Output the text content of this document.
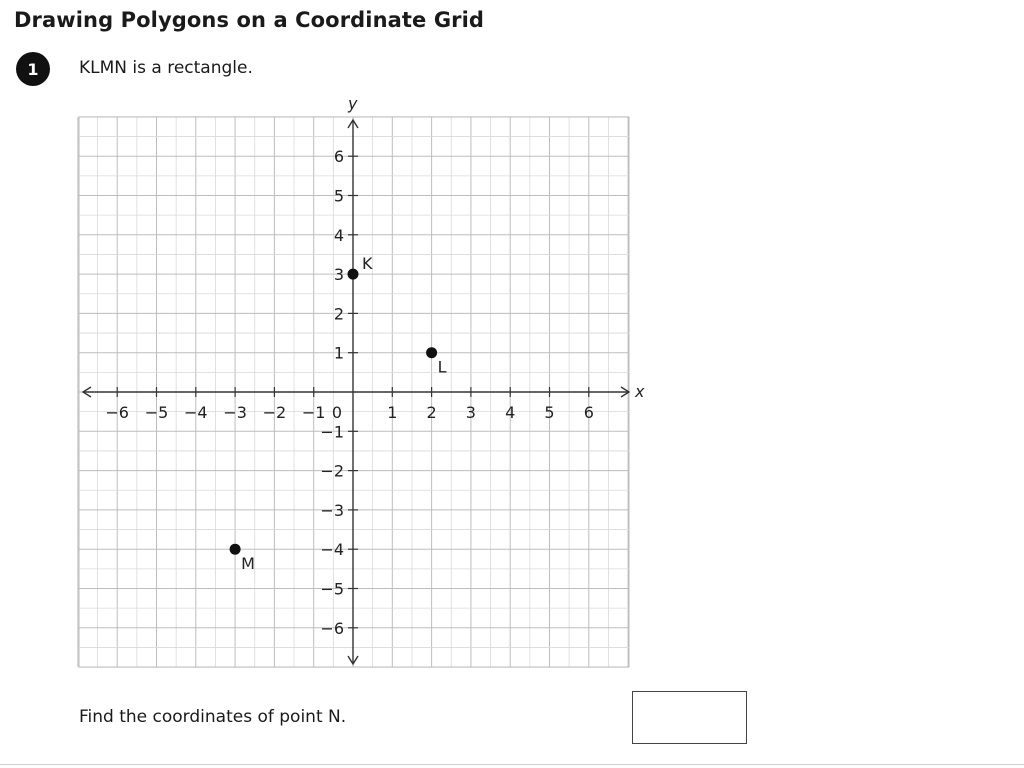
Drawing Polygons on a Coordinate Grid
1 KLMN is a rectangle.
x
y
−6 −5 −4 −3 −2 −1	1 2 3 4 5 6
−6
−5
−4
−3
−2
−1
1
2
3
4
5
6
0
K
L
M
Find the coordinates of point N.
